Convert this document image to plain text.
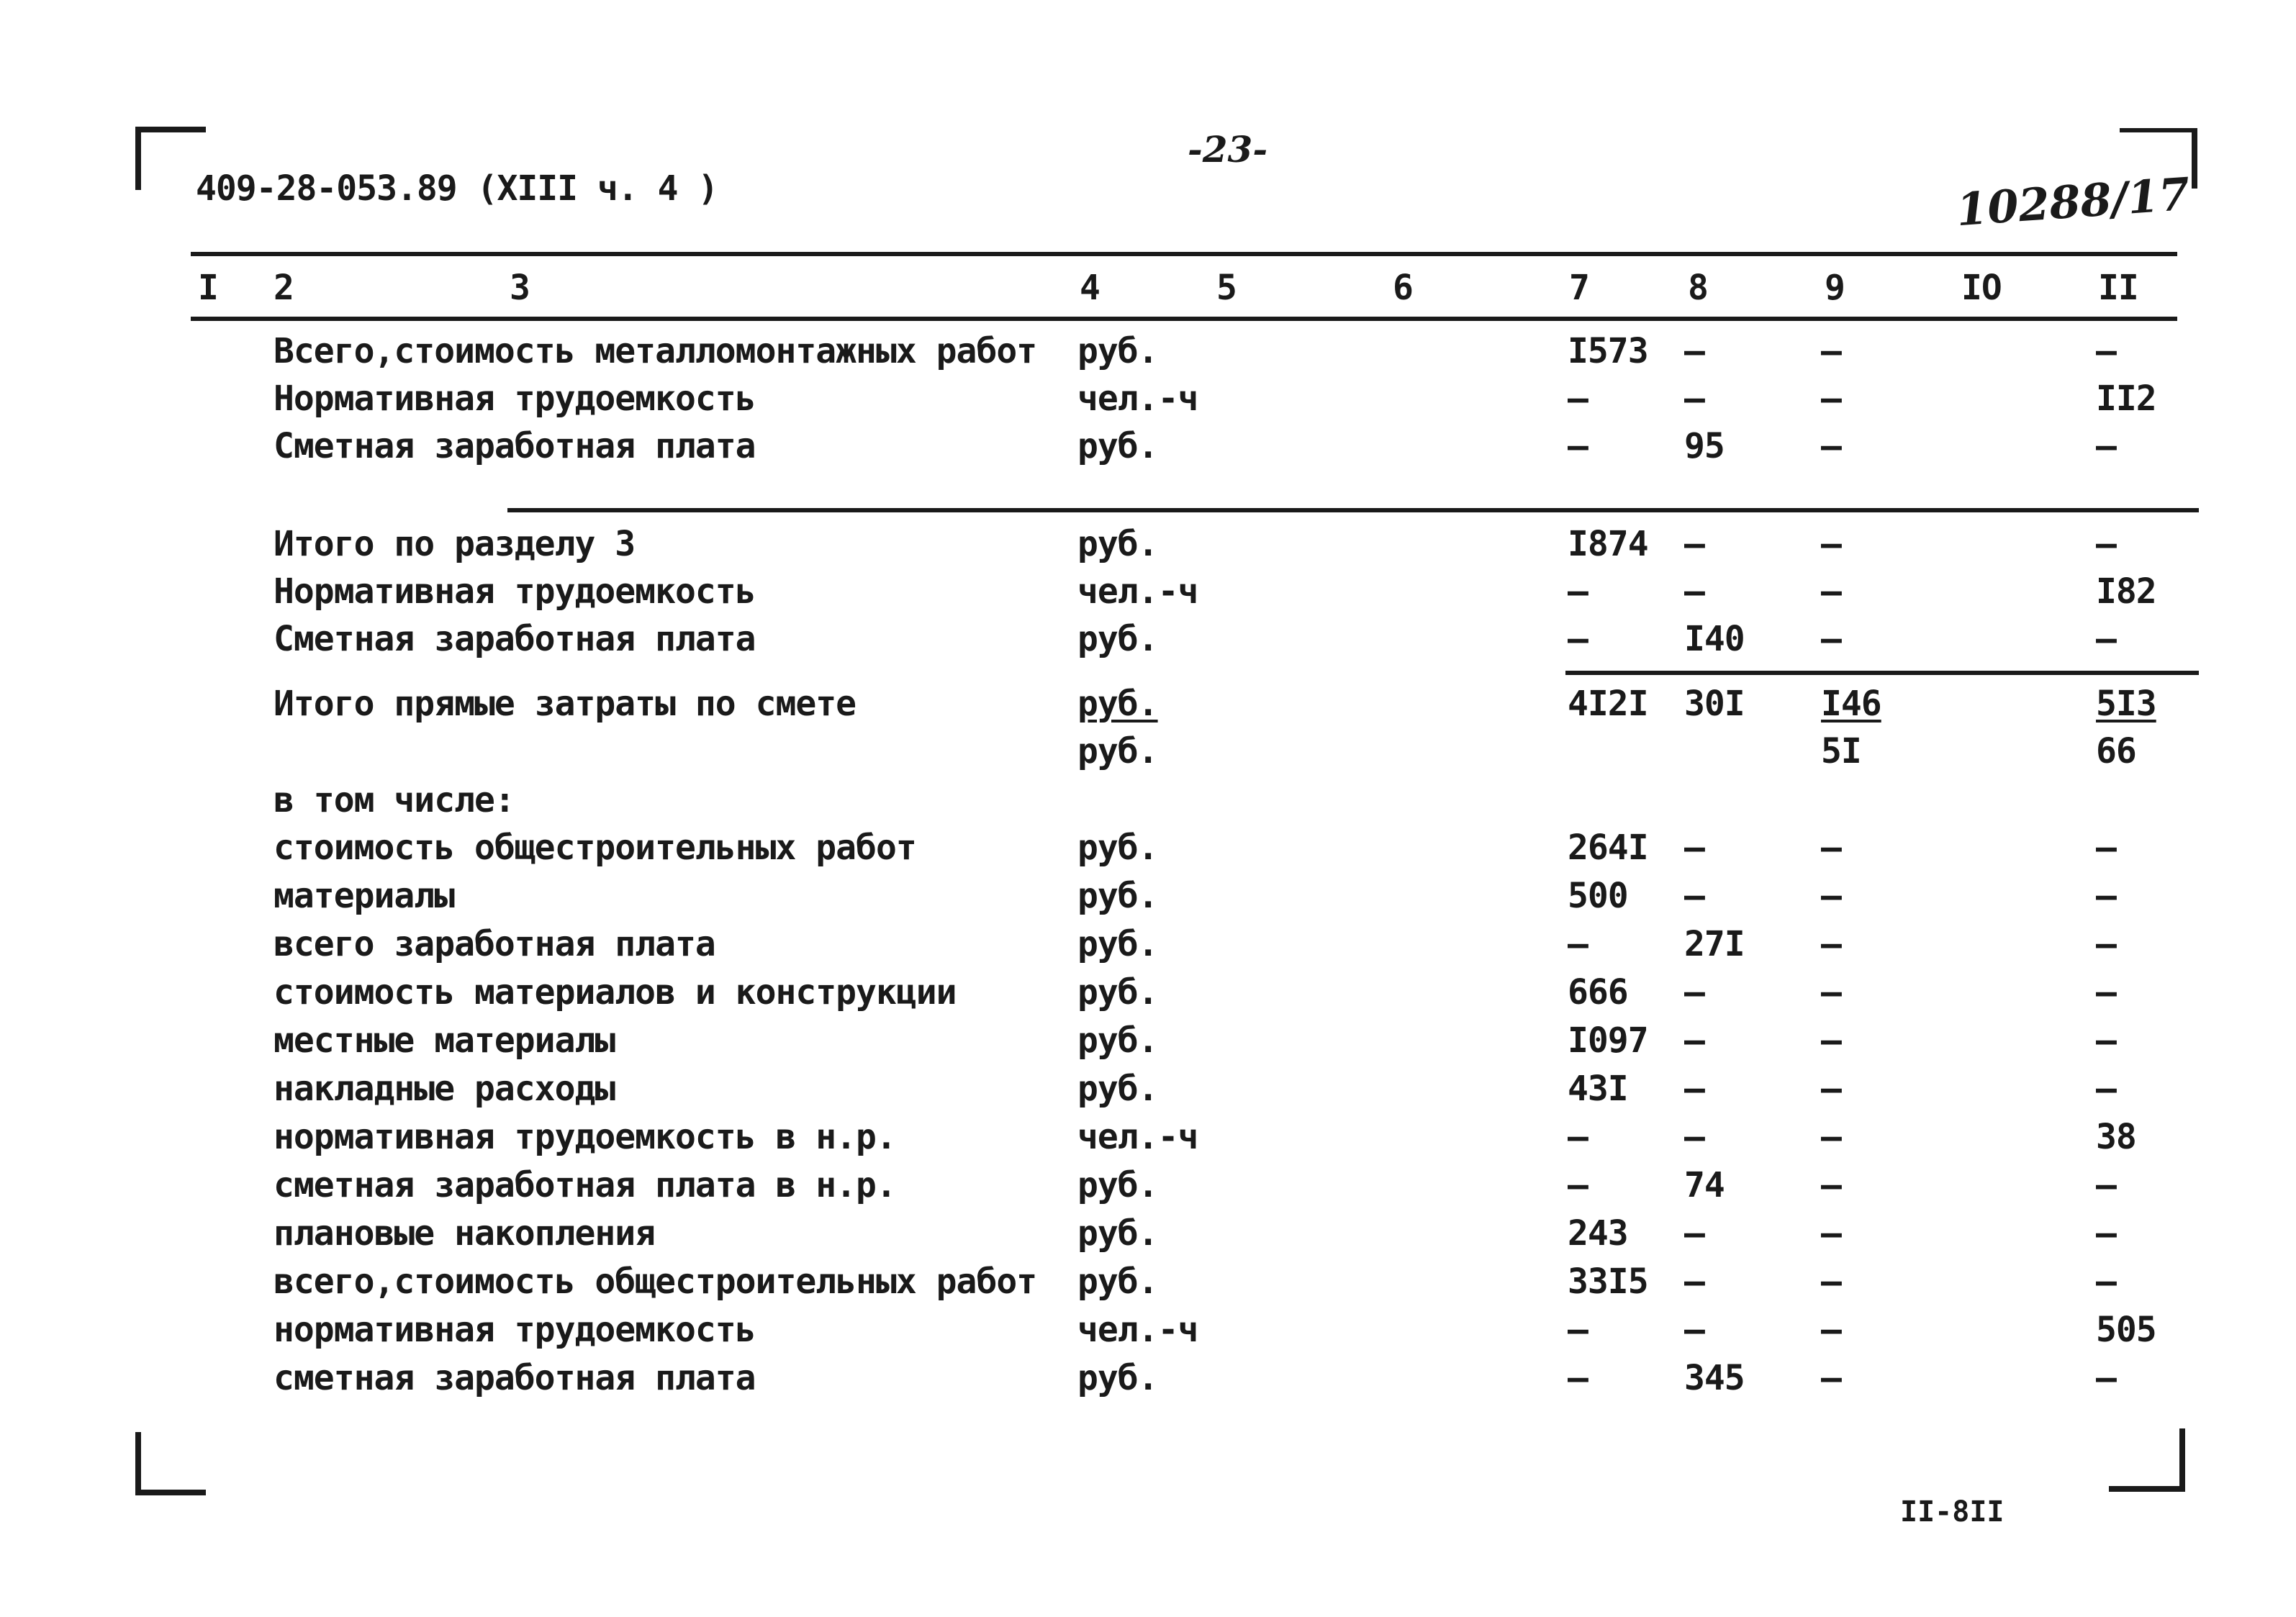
-23-
409-28-053.89 (XIII ч. 4 )	10288/17
I 2	3	4	5	6	7	8	9	IO	II
Всего,стоимость металломонтажных работ руб.	I573 –	–	–
Нормативная трудоемкость	чел.-ч	–	–	–	II2
Сметная заработная плата	руб.	–	95	–	–
Итого по разделу 3	руб.	I874 –	–	–
Нормативная трудоемкость	чел.-ч	–	–	–	I82
Сметная заработная плата	руб.	–	I40 –	–
Итого прямые затраты по смете	руб.	4I2I 30I I46	5I3
руб.	5I	66
в том числе:
стоимость общестроительных работ	руб.	264I –	–	–
материалы	руб.	500 –	–	–
всего заработная плата	руб.	–	27I –	–
стоимость материалов и конструкции	руб.	666 –	–	–
местные материалы	руб.	I097 –	–	–
накладные расходы	руб.	43I –	–	–
нормативная трудоемкость в н.р.	чел.-ч	–	–	–	38
сметная заработная плата в н.р.	руб.	–	74	–	–
плановые накопления	руб.	243 –	–	–
всего,стоимость общестроительных работ руб.	33I5 –	–	–
нормативная трудоемкость	чел.-ч	–	–	–	505
сметная заработная плата	руб.	–	345 –	–
II-8II
